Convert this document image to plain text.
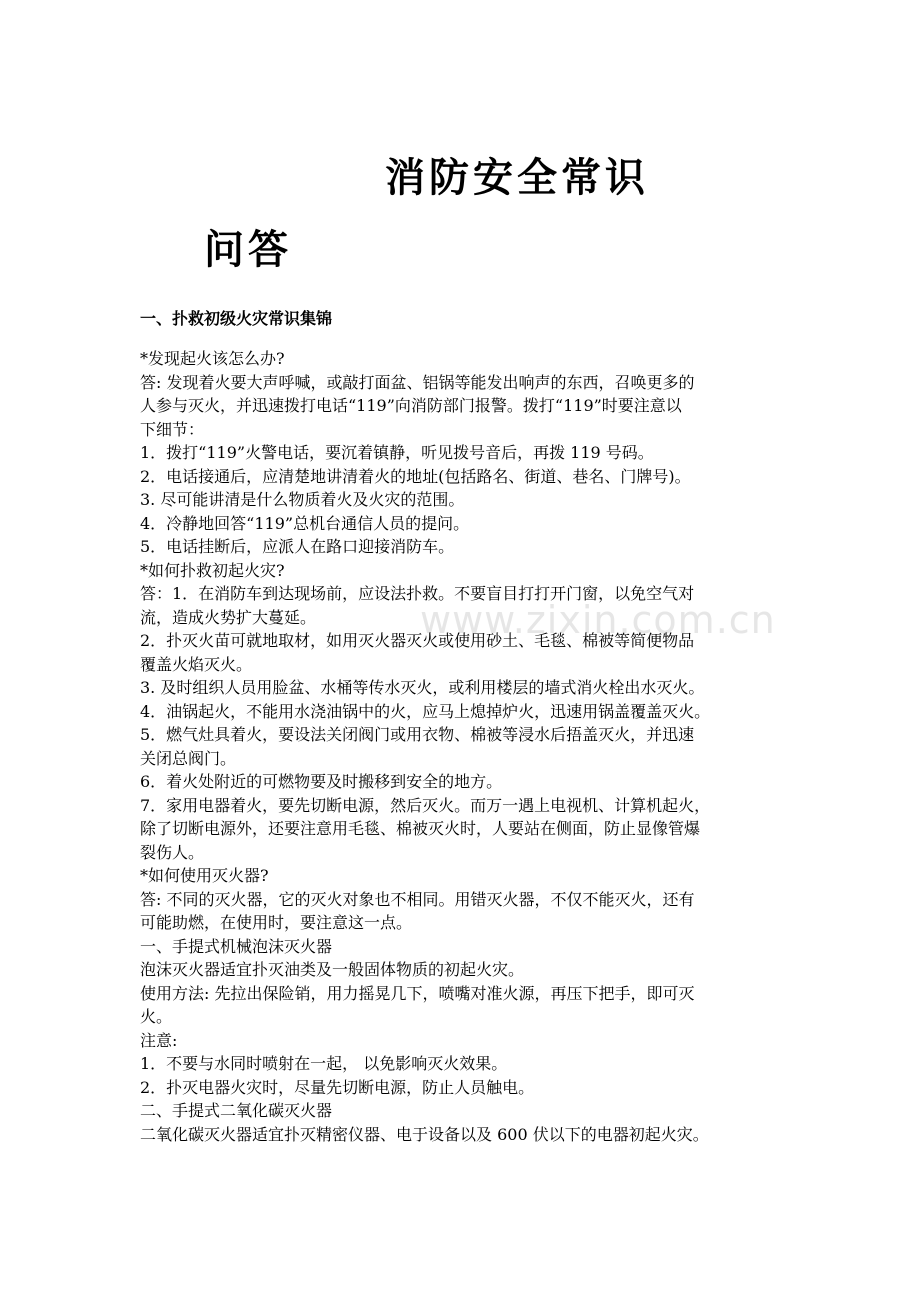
www.zixin.com.cn
消防安全常识
问答
一、扑救初级火灾常识集锦
*发现起火该怎么办?
答: 发现着火要大声呼喊，或敲打面盆、铝锅等能发出响声的东西，召唤更多的
人参与灭火，并迅速拨打电话“119”向消防部门报警。拨打“119”时要注意以
下细节：
1．拨打“119”火警电话，要沉着镇静，听见拨号音后，再拨 119 号码。
2．电话接通后，应清楚地讲清着火的地址(包括路名、街道、巷名、门牌号)。
3. 尽可能讲清是什么物质着火及火灾的范围。
4．冷静地回答“119”总机台通信人员的提问。
5．电话挂断后，应派人在路口迎接消防车。
*如何扑救初起火灾?
答：1．在消防车到达现场前，应设法扑救。不要盲目打打开门窗，以免空气对
流，造成火势扩大蔓延。
2．扑灭火苗可就地取材，如用灭火器灭火或使用砂土、毛毯、棉被等简便物品
覆盖火焰灭火。
3. 及时组织人员用脸盆、水桶等传水灭火，或利用楼层的墙式消火栓出水灭火。
4．油锅起火，不能用水浇油锅中的火，应马上熄掉炉火，迅速用锅盖覆盖灭火。
5．燃气灶具着火，要设法关闭阀门或用衣物、棉被等浸水后捂盖灭火，并迅速
关闭总阀门。
6．着火处附近的可燃物要及时搬移到安全的地方。
7．家用电器着火，要先切断电源，然后灭火。而万一遇上电视机、计算机起火，
除了切断电源外，还要注意用毛毯、棉被灭火时，人要站在侧面，防止显像管爆
裂伤人。
*如何使用灭火器?
答: 不同的灭火器，它的灭火对象也不相同。用错灭火器，不仅不能灭火，还有
可能助燃，在使用时，要注意这一点。
一、手提式机械泡沫灭火器
泡沫灭火器适宜扑灭油类及一般固体物质的初起火灾。
使用方法: 先拉出保险销，用力摇晃几下，喷嘴对准火源，再压下把手，即可灭
火。
注意:
1．不要与水同时喷射在一起， 以免影响灭火效果。
2．扑灭电器火灾时，尽量先切断电源，防止人员触电。
二、手提式二氧化碳灭火器
二氧化碳灭火器适宜扑灭精密仪器、电于设备以及 600 伏以下的电器初起火灾。
